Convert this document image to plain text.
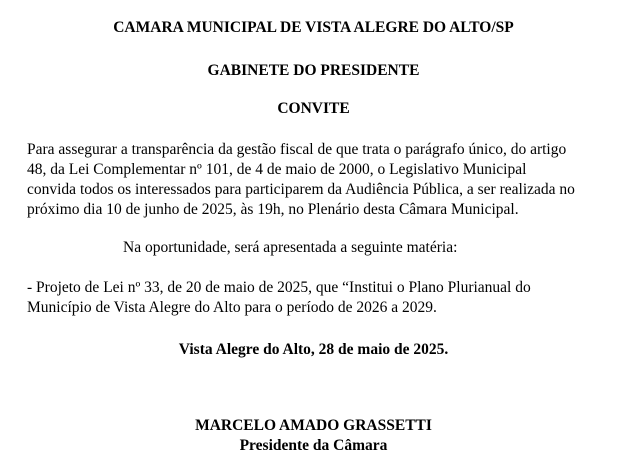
CAMARA MUNICIPAL DE VISTA ALEGRE DO ALTO/SP
GABINETE DO PRESIDENTE
CONVITE
Para assegurar a transparência da gestão fiscal de que trata o parágrafo único, do artigo
48, da Lei Complementar nº 101, de 4 de maio de 2000, o Legislativo Municipal
convida todos os interessados para participarem da Audiência Pública, a ser realizada no
próximo dia 10 de junho de 2025, às 19h, no Plenário desta Câmara Municipal.
Na oportunidade, será apresentada a seguinte matéria:
- Projeto de Lei nº 33, de 20 de maio de 2025, que “Institui o Plano Plurianual do
Município de Vista Alegre do Alto para o período de 2026 a 2029.
Vista Alegre do Alto, 28 de maio de 2025.
MARCELO AMADO GRASSETTI
Presidente da Câmara
